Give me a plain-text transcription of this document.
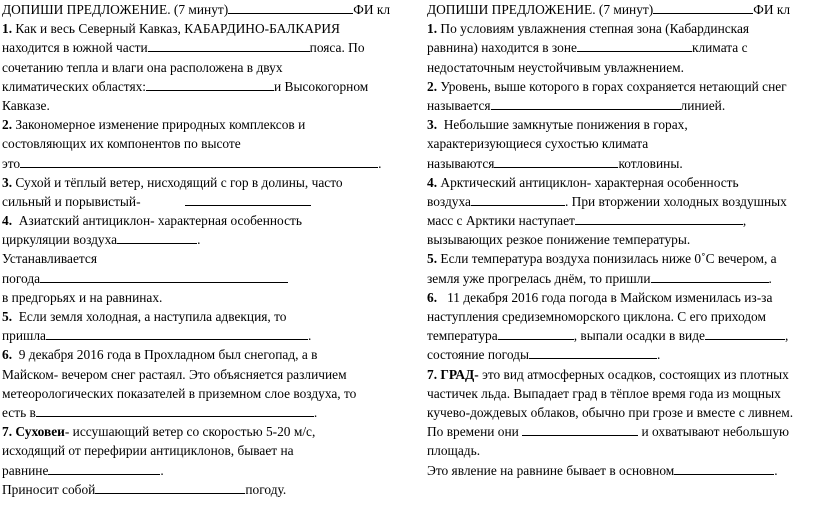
ДОПИШИ ПРЕДЛОЖЕНИЕ. (7 минут)	ФИ кл
1. Как и весь Северный Кавказ, КАБАРДИНО-БАЛКАРИЯ
находится в южной части	пояса. По
сочетанию тепла и влаги она расположена в двух
климатических областях:	и Высокогорном
Кавказе.
2. Закономерное изменение природных комплексов и
состовляющих их компонентов по высоте
это	.
3. Сухой и тёплый ветер, нисходящий с гор в долины, часто
сильный и порывистый-
4. Азиатский антициклон- характерная особенность
циркуляции воздуха	.
Устанавливается
погода
в предгорьях и на равнинах.
5. Если земля холодная, а наступила адвекция, то
пришла	.
6. 9 декабря 2016 года в Прохладном был снегопад, а в
Майском- вечером снег растаял. Это объясняется различием
метеорологических показателей в приземном слое воздуха, то
есть в	.
7. Суховеи- иссушающий ветер со скоростью 5-20 м/с,
исходящий от перефирии антициклонов, бывает на
равнине	.
Приносит собой	погоду.
ДОПИШИ ПРЕДЛОЖЕНИЕ. (7 минут)	ФИ кл
1. По условиям увлажнения степная зона (Кабардинская
равнина) находится в зоне	климата с
недостаточным неустойчивым увлажнением.
2. Уровень, выше которого в горах сохраняется нетающий снег
называется	линией.
3. Небольшие замкнутые понижения в горах,
характеризующиеся сухостью климата
называются	котловины.
4. Арктический антициклон- характерная особенность
воздуха	. При вторжении холодных воздушных
масс с Арктики наступает	,
вызывающих резкое понижение температуры.
5. Если температура воздуха понизилась ниже 0˚С вечером, а
земля уже прогрелась днём, то пришли	.
6. 11 декабря 2016 года погода в Майском изменилась из-за
наступления средиземноморского циклона. С его приходом
температура	, выпали осадки в виде	,
состояние погоды	.
7. ГРАД- это вид атмосферных осадков, состоящих из плотных
частичек льда. Выпадает град в тёплое время года из мощных
кучево-дождевых облаков, обычно при грозе и вместе с ливнем.
По времени они	и охватывают небольшую
площадь.
Это явление на равнине бывает в основном	.
